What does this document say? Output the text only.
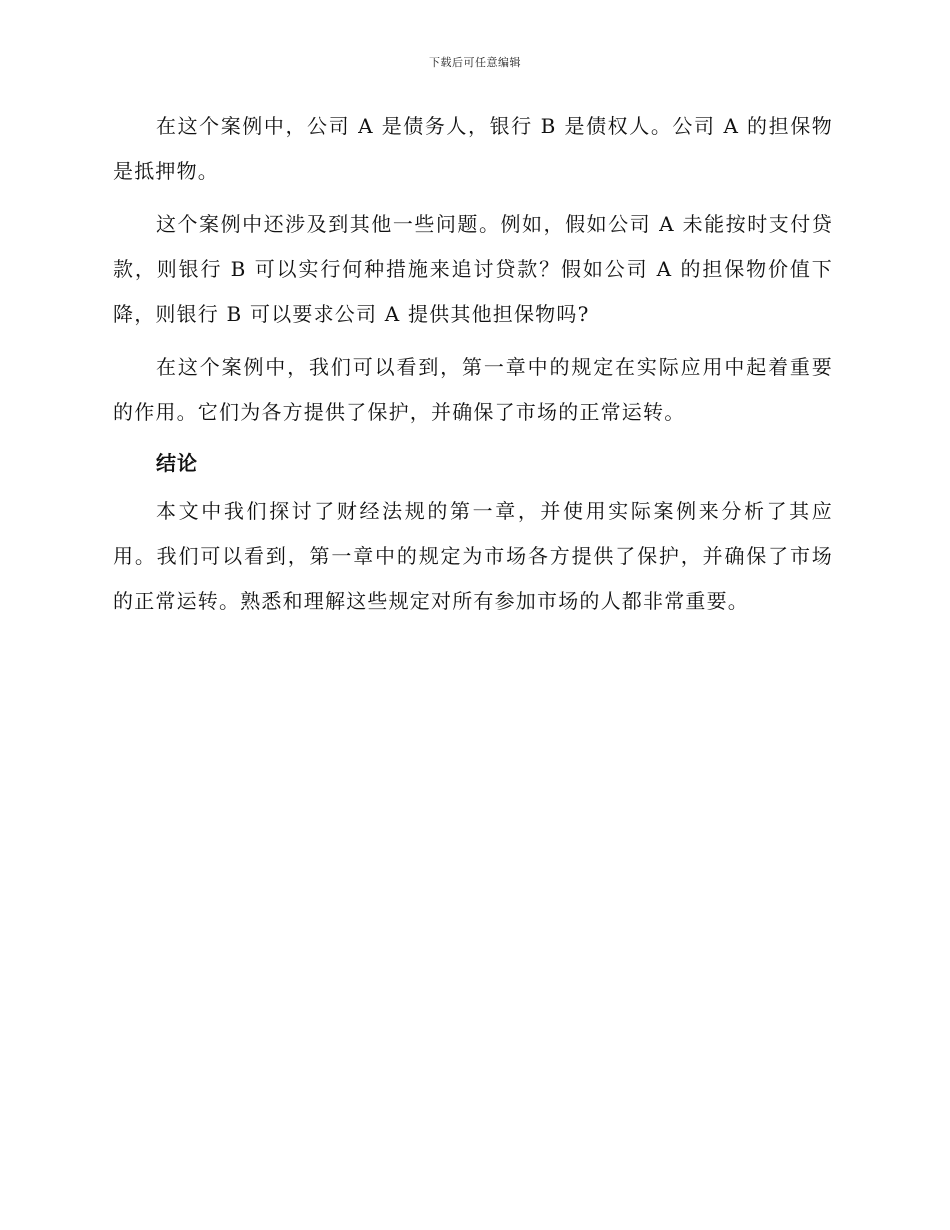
下载后可任意编辑

在这个案例中，公司 A 是债务人，银行 B 是债权人。公司 A 的担保物是抵押物。

这个案例中还涉及到其他一些问题。例如，假如公司 A 未能按时支付贷款，则银行 B 可以实行何种措施来追讨贷款？假如公司 A 的担保物价值下降，则银行 B 可以要求公司 A 提供其他担保物吗?

在这个案例中，我们可以看到，第一章中的规定在实际应用中起着重要的作用。它们为各方提供了保护，并确保了市场的正常运转。

结论

本文中我们探讨了财经法规的第一章，并使用实际案例来分析了其应用。我们可以看到，第一章中的规定为市场各方提供了保护，并确保了市场的正常运转。熟悉和理解这些规定对所有参加市场的人都非常重要。
